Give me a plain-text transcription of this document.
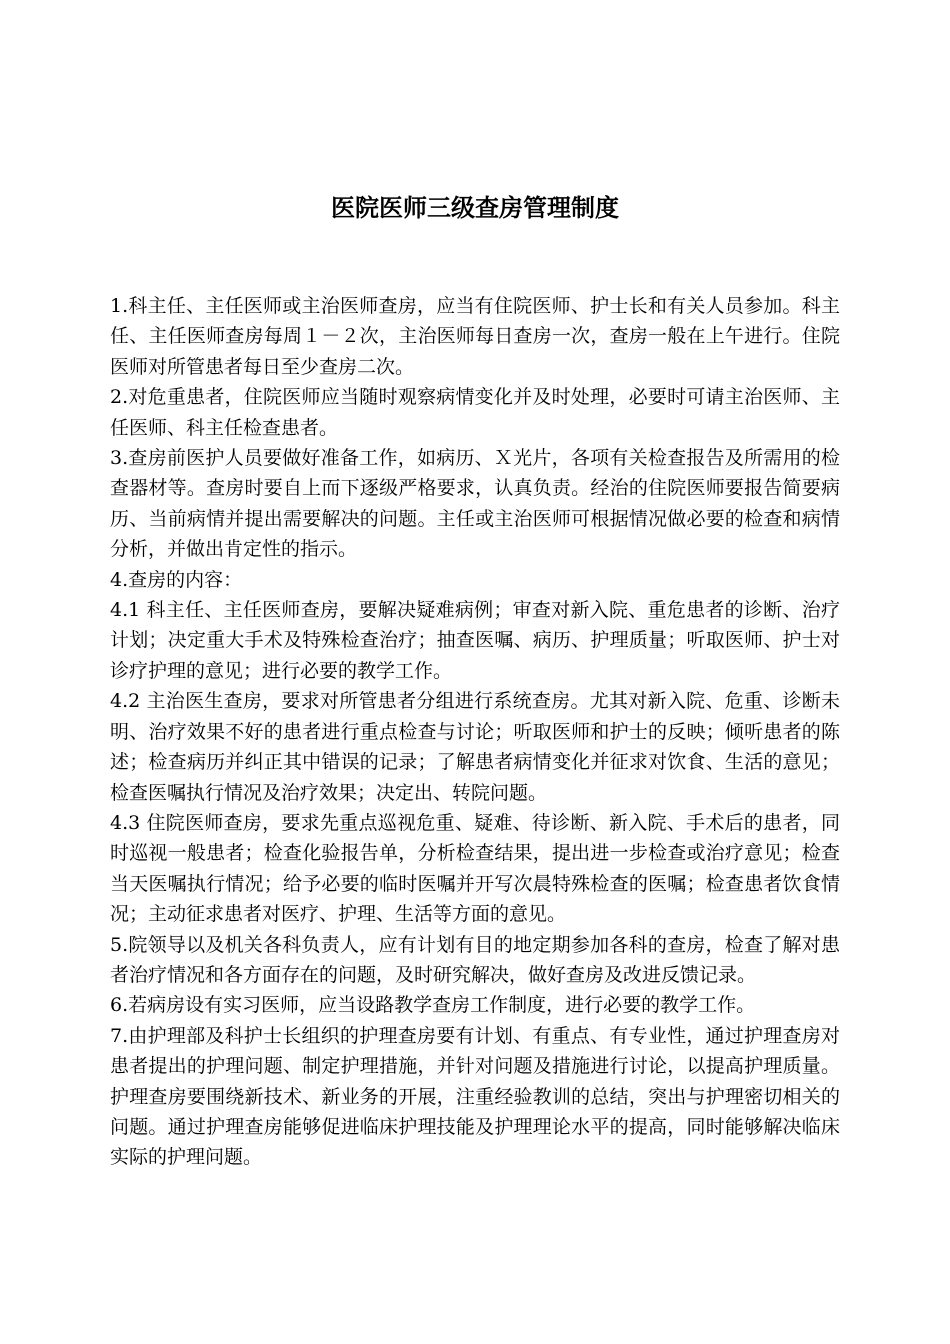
医院医师三级查房管理制度

1.科主任、主任医师或主治医师查房，应当有住院医师、护士长和有关人员参加。科主任、主任医师查房每周１－２次，主治医师每日查房一次，查房一般在上午进行。住院医师对所管患者每日至少查房二次。

2.对危重患者，住院医师应当随时观察病情变化并及时处理，必要时可请主治医师、主任医师、科主任检查患者。

3.查房前医护人员要做好准备工作，如病历、Ｘ光片，各项有关检查报告及所需用的检查器材等。查房时要自上而下逐级严格要求，认真负责。经治的住院医师要报告简要病历、当前病情并提出需要解决的问题。主任或主治医师可根据情况做必要的检查和病情分析，并做出肯定性的指示。

4.查房的内容：

4.1 科主任、主任医师查房，要解决疑难病例；审查对新入院、重危患者的诊断、治疗计划；决定重大手术及特殊检查治疗；抽查医嘱、病历、护理质量；听取医师、护士对诊疗护理的意见；进行必要的教学工作。

4.2 主治医生查房，要求对所管患者分组进行系统查房。尤其对新入院、危重、诊断未明、治疗效果不好的患者进行重点检查与讨论；听取医师和护士的反映；倾听患者的陈述；检查病历并纠正其中错误的记录；了解患者病情变化并征求对饮食、生活的意见；检查医嘱执行情况及治疗效果；决定出、转院问题。

4.3 住院医师查房，要求先重点巡视危重、疑难、待诊断、新入院、手术后的患者，同时巡视一般患者；检查化验报告单，分析检查结果，提出进一步检查或治疗意见；检查当天医嘱执行情况；给予必要的临时医嘱并开写次晨特殊检查的医嘱；检查患者饮食情况；主动征求患者对医疗、护理、生活等方面的意见。

5.院领导以及机关各科负责人，应有计划有目的地定期参加各科的查房，检查了解对患者治疗情况和各方面存在的问题，及时研究解决，做好查房及改进反馈记录。

6.若病房设有实习医师，应当设路教学查房工作制度，进行必要的教学工作。

7.由护理部及科护士长组织的护理查房要有计划、有重点、有专业性，通过护理查房对患者提出的护理问题、制定护理措施，并针对问题及措施进行讨论，以提高护理质量。护理查房要围绕新技术、新业务的开展，注重经验教训的总结，突出与护理密切相关的问题。通过护理查房能够促进临床护理技能及护理理论水平的提高，同时能够解决临床实际的护理问题。
